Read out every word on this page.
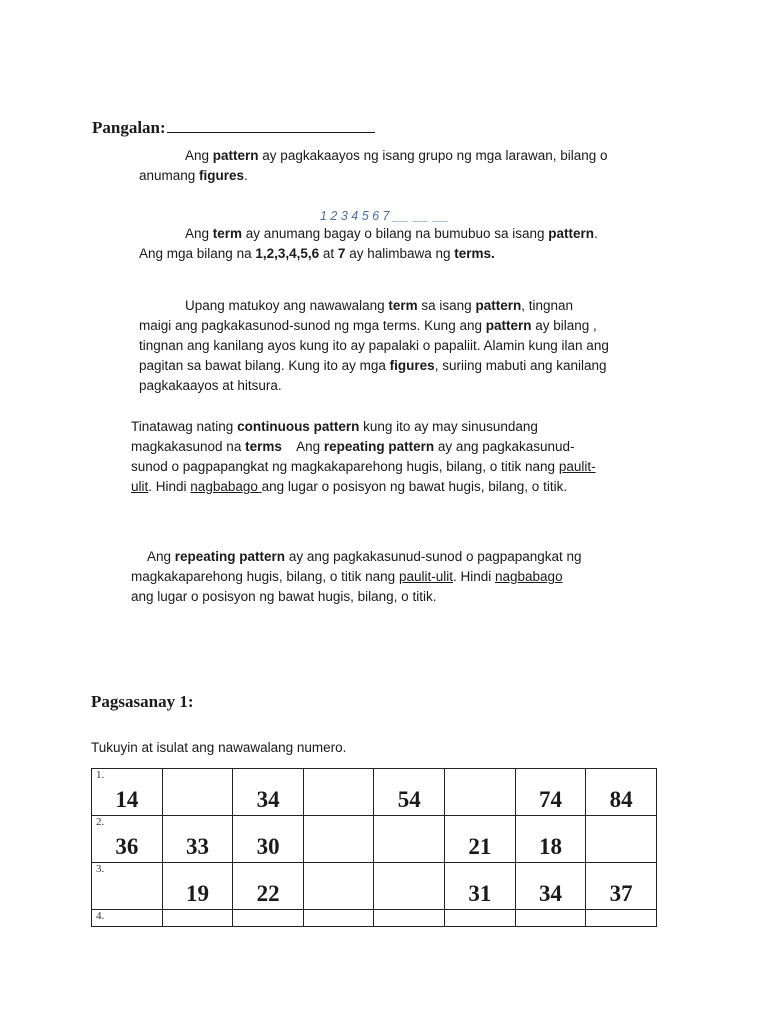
Pangalan:
Ang pattern ay pagkakaayos ng isang grupo ng mga larawan, bilang o anumang figures.
1 2 3 4 5 6 7 __ __ __
Ang term ay anumang bagay o bilang na bumubuo sa isang pattern. Ang mga bilang na 1,2,3,4,5,6 at 7 ay halimbawa ng terms.
Upang matukoy ang nawawalang term sa isang pattern, tingnan maigi ang pagkakasunod-sunod ng mga terms. Kung ang pattern ay bilang , tingnan ang kanilang ayos kung ito ay papalaki o papaliit. Alamin kung ilan ang pagitan sa bawat bilang. Kung ito ay mga figures, suriing mabuti ang kanilang pagkakaayos at hitsura.
Tinatawag nating continuous pattern kung ito ay may sinusundang magkakasunod na terms    Ang repeating pattern ay ang pagkakasunud-sunod o pagpapangkat ng magkakaparehong hugis, bilang, o titik nang paulit-ulit. Hindi nagbabago ang lugar o posisyon ng bawat hugis, bilang, o titik.
Ang repeating pattern ay ang pagkakasunud-sunod o pagpapangkat ng magkakaparehong hugis, bilang, o titik nang paulit-ulit. Hindi nagbabago ang lugar o posisyon ng bawat hugis, bilang, o titik.
Pagsasanay 1:
Tukuyin at isulat ang nawawalang numero.
1.
14		34		54		74	84

2.
36	33	30			21	18	

3.	19	22			31	34	37

4.							
